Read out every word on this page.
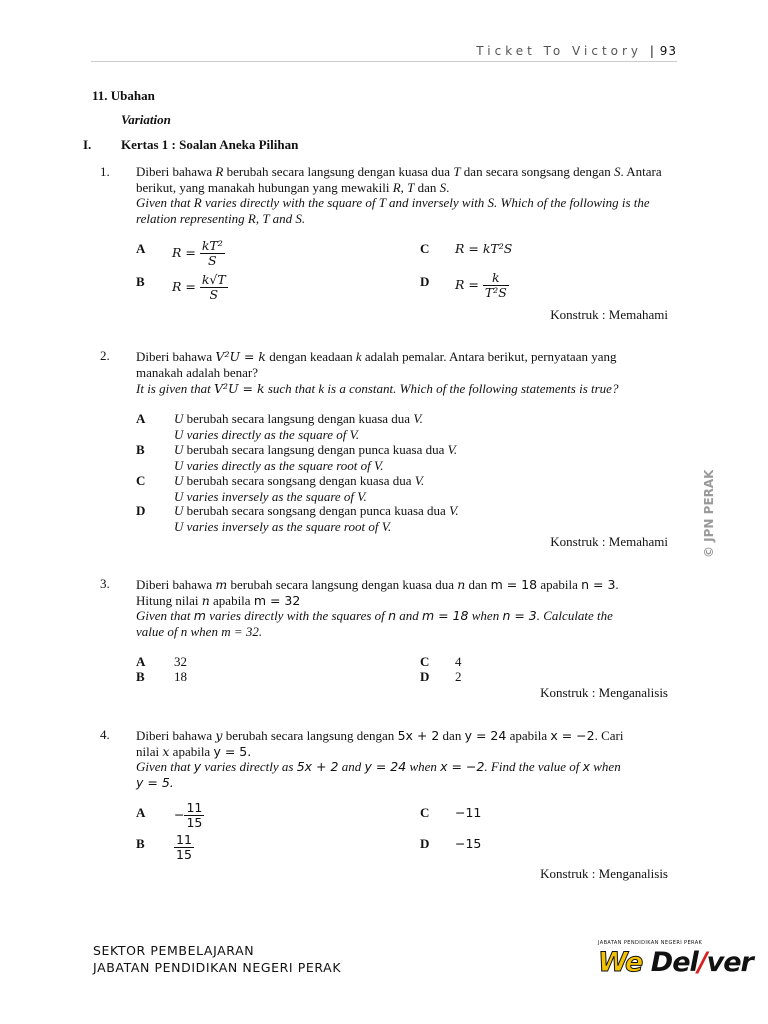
Ticket To Victory | 93
11. Ubahan
Variation
I. Kertas 1 : Soalan Aneka Pilihan
1. Diberi bahawa R berubah secara langsung dengan kuasa dua T dan secara songsang dengan S. Antara berikut, yang manakah hubungan yang mewakili R, T dan S.
Given that R varies directly with the square of T and inversely with S. Which of the following is the relation representing R, T and S.
A $R = \frac{\text{kT²}}{S}$
B $R = \frac{k√T}{S}$
C R = kT²S
D $R = \frac{k}{\text{T²S}}$
Konstruk : Memahami
2. Diberi bahawa V²U = k dengan keadaan k adalah pemalar. Antara berikut, pernyataan yang
manakah adalah benar?
It is given that V²U = k such that k is a constant. Which of the following statements is true?
A U berubah secara langsung dengan kuasa dua V.
U varies directly as the square of V.
B U berubah secara langsung dengan punca kuasa dua V.
U varies directly as the square root of V.
C U berubah secara songsang dengan kuasa dua V.
U varies inversely as the square of V.
D U berubah secara songsang dengan punca kuasa dua V.
U varies inversely as the square root of V.
Konstruk : Memahami
3. Diberi bahawa m berubah secara langsung dengan kuasa dua n dan m = 18 apabila n = 3.
Hitung nilai n apabila m = 32
Given that m varies directly with the squares of n and m = 18 when n = 3. Calculate the
value of n when m = 32.
A 32
B 18
C 4
D 2
Konstruk : Menganalisis
4. Diberi bahawa y berubah secara langsung dengan 5x + 2 dan y = 24 apabila x = −2. Cari
nilai x apabila y = 5.
Given that y varies directly as 5x + 2 and y = 24 when x = −2. Find the value of x when
y = 5.
$A - \frac{11}{15}$
B $\frac{11}{15}$
C −11
D −15
Konstruk : Menganalisis
© JPN PERAK
SEKTOR PEMBELAJARAN
JABATAN PENDIDIKAN NEGERI PERAK
JABATAN PENDIDIKAN NEGERI PERAK
We Del/ver
